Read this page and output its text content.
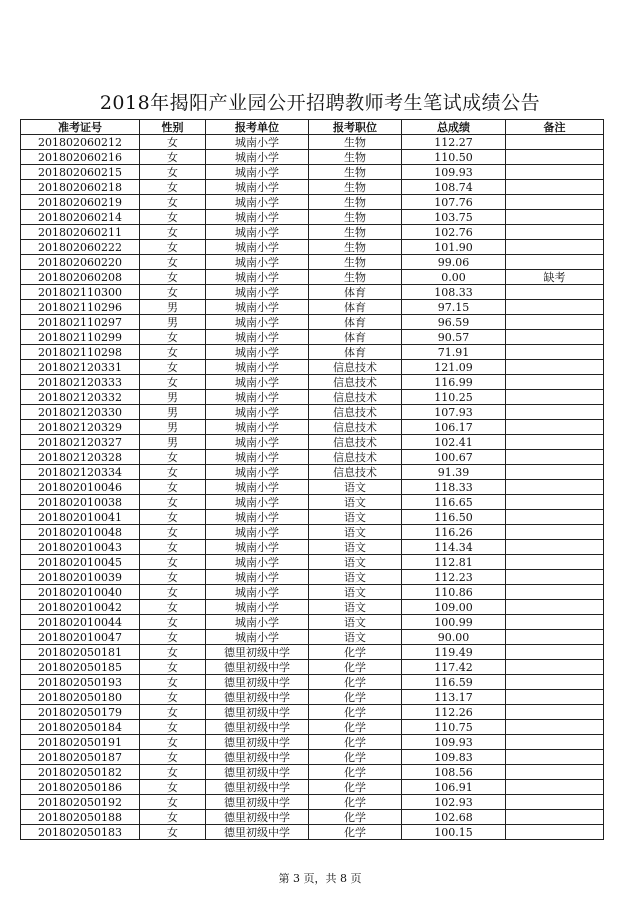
2018年揭阳产业园公开招聘教师考生笔试成绩公告
准考证号	性别	报考单位	报考职位	总成绩	备注
201802060212	女	城南小学	生物	112.27	
201802060216	女	城南小学	生物	110.50	
201802060215	女	城南小学	生物	109.93	
201802060218	女	城南小学	生物	108.74	
201802060219	女	城南小学	生物	107.76	
201802060214	女	城南小学	生物	103.75	
201802060211	女	城南小学	生物	102.76	
201802060222	女	城南小学	生物	101.90	
201802060220	女	城南小学	生物	99.06	
201802060208	女	城南小学	生物	0.00	缺考
201802110300	女	城南小学	体育	108.33	
201802110296	男	城南小学	体育	97.15	
201802110297	男	城南小学	体育	96.59	
201802110299	女	城南小学	体育	90.57	
201802110298	女	城南小学	体育	71.91	
201802120331	女	城南小学	信息技术	121.09	
201802120333	女	城南小学	信息技术	116.99	
201802120332	男	城南小学	信息技术	110.25	
201802120330	男	城南小学	信息技术	107.93	
201802120329	男	城南小学	信息技术	106.17	
201802120327	男	城南小学	信息技术	102.41	
201802120328	女	城南小学	信息技术	100.67	
201802120334	女	城南小学	信息技术	91.39	
201802010046	女	城南小学	语文	118.33	
201802010038	女	城南小学	语文	116.65	
201802010041	女	城南小学	语文	116.50	
201802010048	女	城南小学	语文	116.26	
201802010043	女	城南小学	语文	114.34	
201802010045	女	城南小学	语文	112.81	
201802010039	女	城南小学	语文	112.23	
201802010040	女	城南小学	语文	110.86	
201802010042	女	城南小学	语文	109.00	
201802010044	女	城南小学	语文	100.99	
201802010047	女	城南小学	语文	90.00	
201802050181	女	德里初级中学	化学	119.49	
201802050185	女	德里初级中学	化学	117.42	
201802050193	女	德里初级中学	化学	116.59	
201802050180	女	德里初级中学	化学	113.17	
201802050179	女	德里初级中学	化学	112.26	
201802050184	女	德里初级中学	化学	110.75	
201802050191	女	德里初级中学	化学	109.93	
201802050187	女	德里初级中学	化学	109.83	
201802050182	女	德里初级中学	化学	108.56	
201802050186	女	德里初级中学	化学	106.91	
201802050192	女	德里初级中学	化学	102.93	
201802050188	女	德里初级中学	化学	102.68	
201802050183	女	德里初级中学	化学	100.15	
第 3 页，共 8 页
